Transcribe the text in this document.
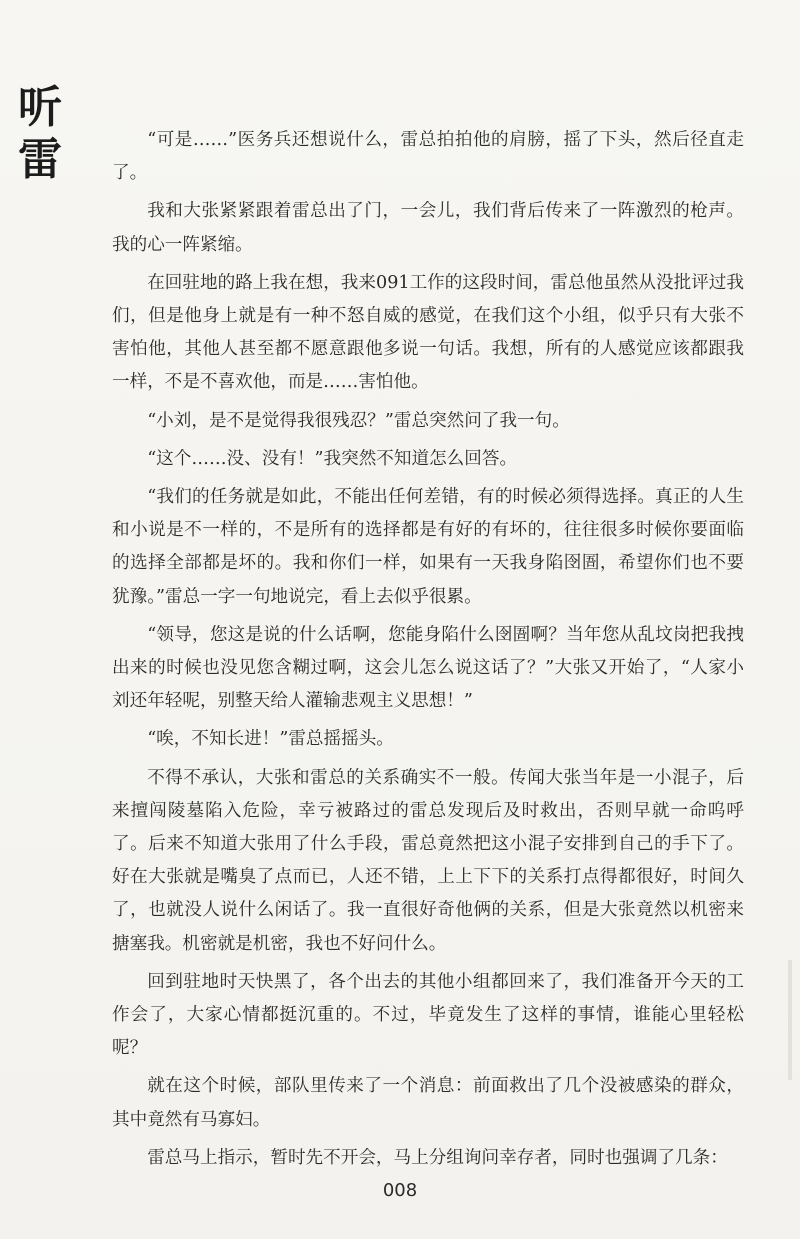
听
雷	“可是……”医务兵还想说什么，雷总拍拍他的肩膀，摇了下头，然后径直走了。

我和大张紧紧跟着雷总出了门，一会儿，我们背后传来了一阵激烈的枪声。我的心一阵紧缩。

在回驻地的路上我在想，我来091工作的这段时间，雷总他虽然从没批评过我们，但是他身上就是有一种不怒自威的感觉，在我们这个小组，似乎只有大张不害怕他，其他人甚至都不愿意跟他多说一句话。我想，所有的人感觉应该都跟我一样，不是不喜欢他，而是……害怕他。

“小刘，是不是觉得我很残忍？”雷总突然问了我一句。

“这个……没、没有！”我突然不知道怎么回答。

“我们的任务就是如此，不能出任何差错，有的时候必须得选择。真正的人生和小说是不一样的，不是所有的选择都是有好的有坏的，往往很多时候你要面临的选择全部都是坏的。我和你们一样，如果有一天我身陷囹圄，希望你们也不要犹豫。”雷总一字一句地说完，看上去似乎很累。

“领导，您这是说的什么话啊，您能身陷什么囹圄啊？当年您从乱坟岗把我拽出来的时候也没见您含糊过啊，这会儿怎么说这话了？”大张又开始了，“人家小刘还年轻呢，别整天给人灌输悲观主义思想！”

“唉，不知长进！”雷总摇摇头。

不得不承认，大张和雷总的关系确实不一般。传闻大张当年是一小混子，后来擅闯陵墓陷入危险，幸亏被路过的雷总发现后及时救出，否则早就一命呜呼了。后来不知道大张用了什么手段，雷总竟然把这小混子安排到自己的手下了。好在大张就是嘴臭了点而已，人还不错，上上下下的关系打点得都很好，时间久了，也就没人说什么闲话了。我一直很好奇他俩的关系，但是大张竟然以机密来搪塞我。机密就是机密，我也不好问什么。

回到驻地时天快黑了，各个出去的其他小组都回来了，我们准备开今天的工作会了，大家心情都挺沉重的。不过，毕竟发生了这样的事情，谁能心里轻松呢？

就在这个时候，部队里传来了一个消息：前面救出了几个没被感染的群众，其中竟然有马寡妇。

雷总马上指示，暂时先不开会，马上分组询问幸存者，同时也强调了几条：

008
